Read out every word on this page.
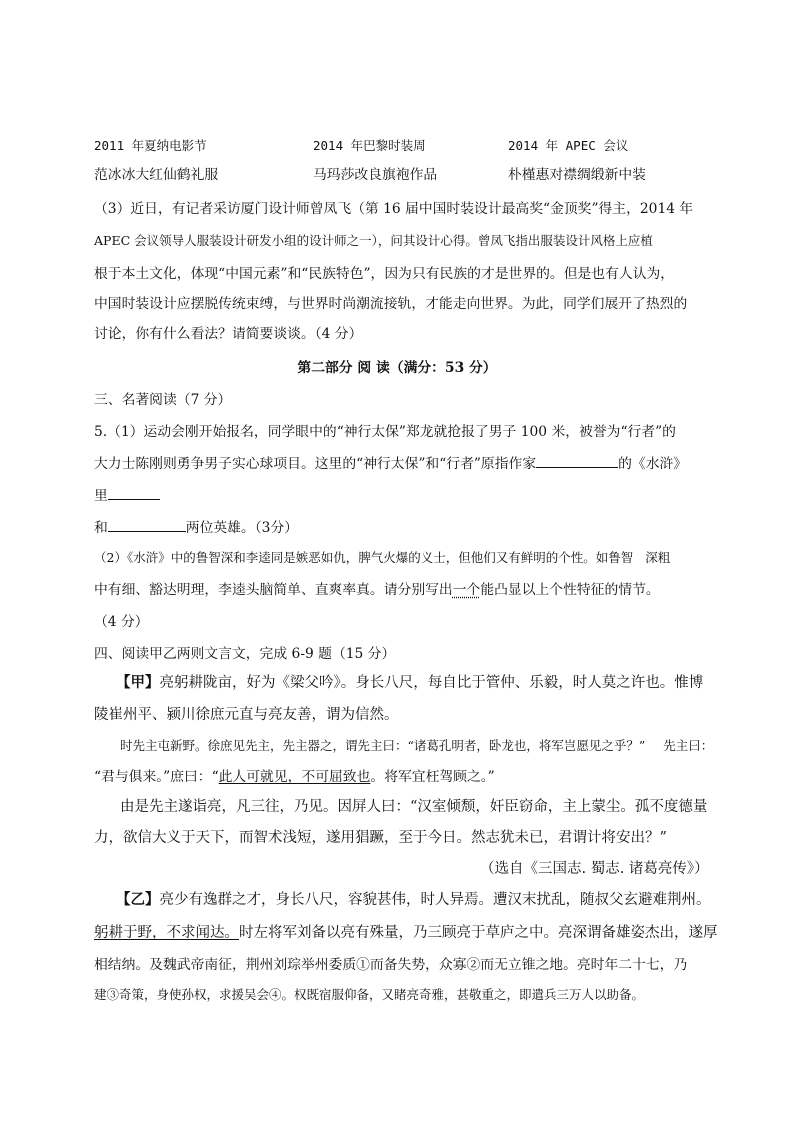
2011 年夏纳电影节	2014 年巴黎时装周	2014 年 APEC 会议
范冰冰大红仙鹤礼服	马玛莎改良旗袍作品	朴槿惠对襟绸缎新中装
（3）近日，有记者采访厦门设计师曾凤飞（第 16 届中国时装设计最高奖“金顶奖”得主，2014 年
APEC 会议领导人服装设计研发小组的设计师之一），问其设计心得。曾凤飞指出服装设计风格上应植
根于本土文化，体现“中国元素”和“民族特色”，因为只有民族的才是世界的。但是也有人认为，
中国时装设计应摆脱传统束缚，与世界时尚潮流接轨，才能走向世界。为此，同学们展开了热烈的
讨论，你有什么看法？请简要谈谈。（4 分）
第二部分 阅 读（满分：53 分）
三、名著阅读（7 分）
5.（1）运动会刚开始报名，同学眼中的“神行太保”郑龙就抢报了男子 100 米，被誉为“行者”的
大力士陈刚则勇争男子实心球项目。这里的“神行太保”和“行者”原指作家	的《水浒》
里
和	两位英雄。（3分）
（2）《水浒》中的鲁智深和李逵同是嫉恶如仇，脾气火爆的义士，但他们又有鲜明的个性。如鲁智 深粗
中有细、豁达明理，李逵头脑简单、直爽率真。请分别写出一个能凸显以上个性特征的情节。
（4 分）
四、阅读甲乙两则文言文，完成 6-9 题（15 分）
【甲】亮躬耕陇亩，好为《梁父吟》。身长八尺，每自比于管仲、乐毅，时人莫之许也。惟博
陵崔州平、颍川徐庶元直与亮友善，谓为信然。
时先主屯新野。徐庶见先主，先主器之，谓先主曰：“诸葛孔明者，卧龙也，将军岂愿见之乎？” 先主曰：
“君与俱来。”庶曰：“此人可就见，不可屈致也。将军宜枉驾顾之。”
由是先主遂诣亮，凡三往，乃见。因屏人曰：“汉室倾颓，奸臣窃命，主上蒙尘。孤不度德量
力，欲信大义于天下，而智术浅短，遂用猖蹶，至于今日。然志犹未已，君谓计将安出？”
（选自《三国志. 蜀志. 诸葛亮传》）
【乙】亮少有逸群之才，身长八尺，容貌甚伟，时人异焉。遭汉末扰乱，随叔父玄避难荆州。
躬耕于野，不求闻达。时左将军刘备以亮有殊量，乃三顾亮于草庐之中。亮深谓备雄姿杰出，遂厚
相结纳。及魏武帝南征，荆州刘琮举州委质①而备失势，众寡②而无立锥之地。亮时年二十七，乃
建③奇策，身使孙权，求援吴会④。权既宿服仰备，又睹亮奇雅，甚敬重之，即遣兵三万人以助备。
